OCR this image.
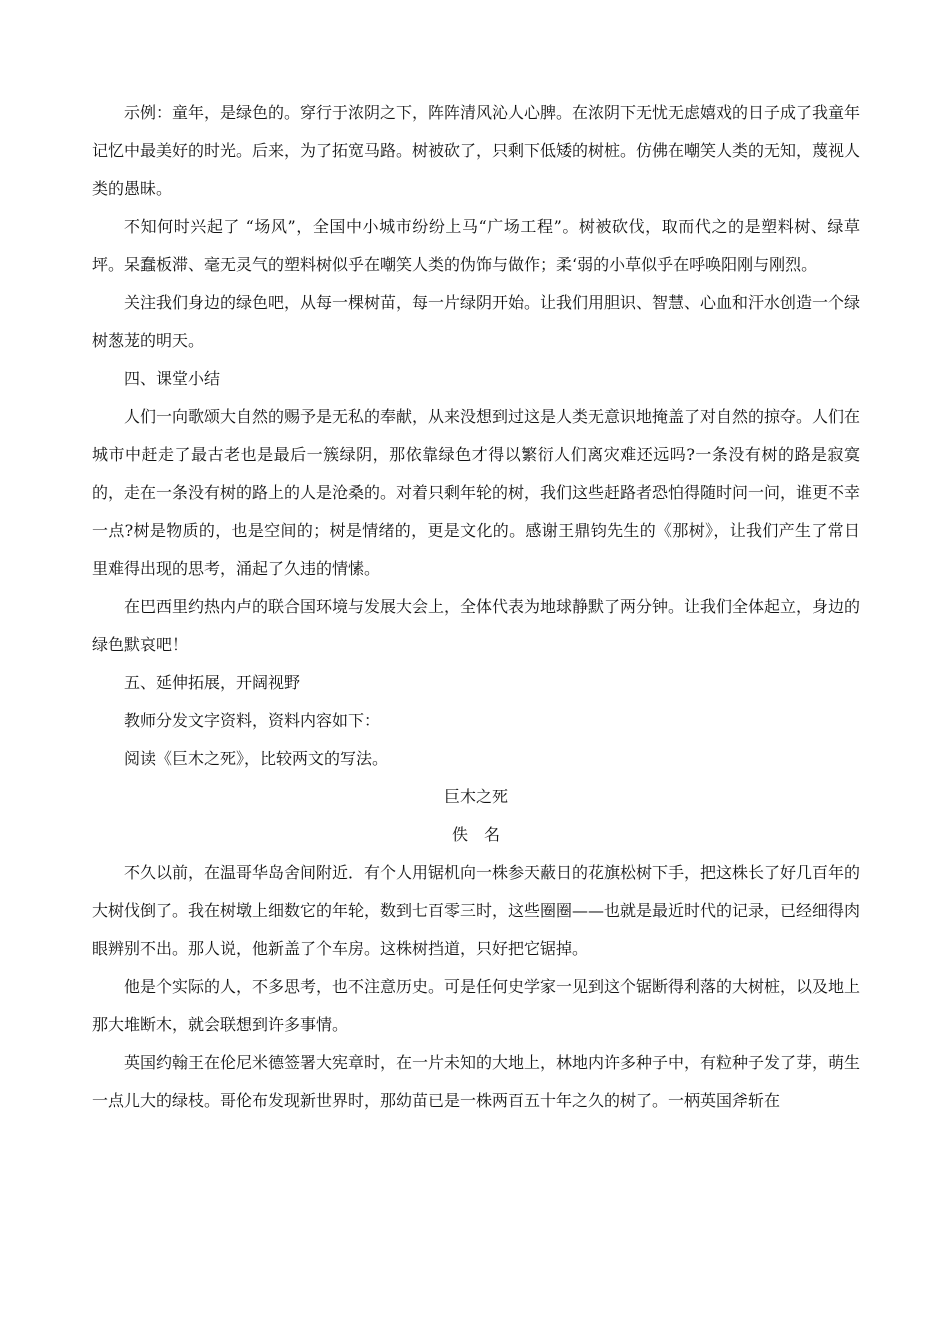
示例：童年，是绿色的。穿行于浓阴之下，阵阵清风沁人心脾。在浓阴下无忧无虑嬉戏的日子成了我童年记忆中最美好的时光。后来，为了拓宽马路。树被砍了，只剩下低矮的树桩。仿佛在嘲笑人类的无知，蔑视人类的愚昧。

不知何时兴起了 “场风”，全国中小城市纷纷上马“广场工程”。树被砍伐，取而代之的是塑料树、绿草坪。呆蠢板滞、毫无灵气的塑料树似乎在嘲笑人类的伪饰与做作；柔‘弱的小草似乎在呼唤阳刚与刚烈。

关注我们身边的绿色吧，从每一棵树苗，每一片绿阴开始。让我们用胆识、智慧、心血和汗水创造一个绿树葱茏的明天。

四、课堂小结

人们一向歌颂大自然的赐予是无私的奉献，从来没想到过这是人类无意识地掩盖了对自然的掠夺。人们在城市中赶走了最古老也是最后一簇绿阴，那依靠绿色才得以繁衍人们离灾难还远吗?一条没有树的路是寂寞的，走在一条没有树的路上的人是沧桑的。对着只剩年轮的树，我们这些赶路者恐怕得随时问一问，谁更不幸一点?树是物质的，也是空间的；树是情绪的，更是文化的。感谢王鼎钧先生的《那树》，让我们产生了常日里难得出现的思考，涌起了久违的情愫。

在巴西里约热内卢的联合国环境与发展大会上，全体代表为地球静默了两分钟。让我们全体起立，身边的绿色默哀吧！

五、延伸拓展，开阔视野

教师分发文字资料，资料内容如下：

阅读《巨木之死》，比较两文的写法。

巨木之死

佚名

不久以前，在温哥华岛舍间附近．有个人用锯机向一株参天蔽日的花旗松树下手，把这株长了好几百年的大树伐倒了。我在树墩上细数它的年轮，数到七百零三时，这些圈圈——也就是最近时代的记录，已经细得肉眼辨别不出。那人说，他新盖了个车房。这株树挡道，只好把它锯掉。

他是个实际的人，不多思考，也不注意历史。可是任何史学家一见到这个锯断得利落的大树桩，以及地上那大堆断木，就会联想到许多事情。

英国约翰王在伦尼米德签署大宪章时，在一片未知的大地上，林地内许多种子中，有粒种子发了芽，萌生一点儿大的绿枝。哥伦布发现新世界时，那幼苗已是一株两百五十年之久的树了。一柄英国斧斩在
